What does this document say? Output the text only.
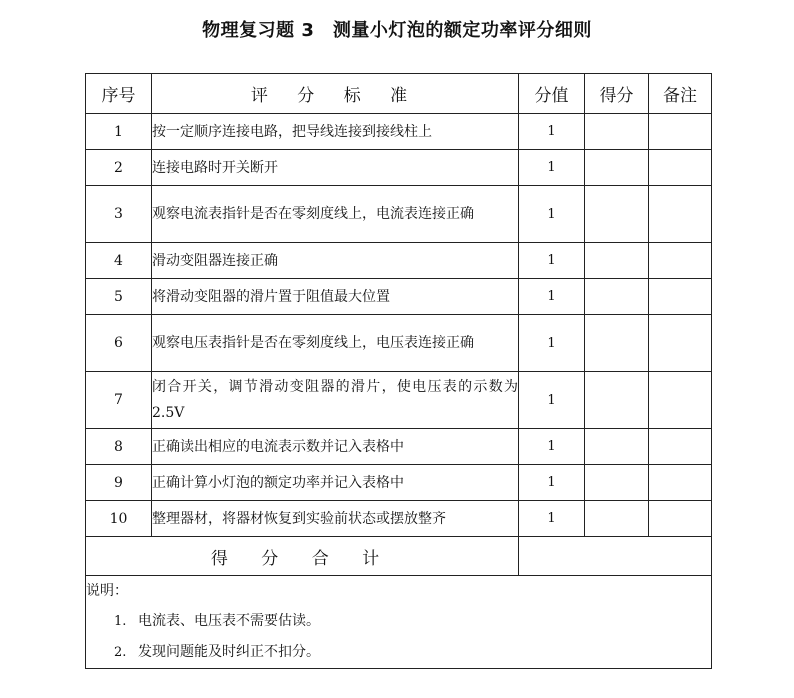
物理复习题 3　测量小灯泡的额定功率评分细则
序号	评 分 标 准	分值	得分	备注
1	按一定顺序连接电路，把导线连接到接线柱上	1		
2	连接电路时开关断开	1		
3	观察电流表指针是否在零刻度线上，电流表连接正确	1		
4	滑动变阻器连接正确	1		
5	将滑动变阻器的滑片置于阻值最大位置	1		
6	观察电压表指针是否在零刻度线上，电压表连接正确	1		
7	闭合开关，调节滑动变阻器的滑片，使电压表的示数为 2.5V	1		
8	正确读出相应的电流表示数并记入表格中	1		
9	正确计算小灯泡的额定功率并记入表格中	1		
10	整理器材，将器材恢复到实验前状态或摆放整齐	1		
得 分 合 计				

说明：
1. 电流表、电压表不需要估读。
2. 发现问题能及时纠正不扣分。				
